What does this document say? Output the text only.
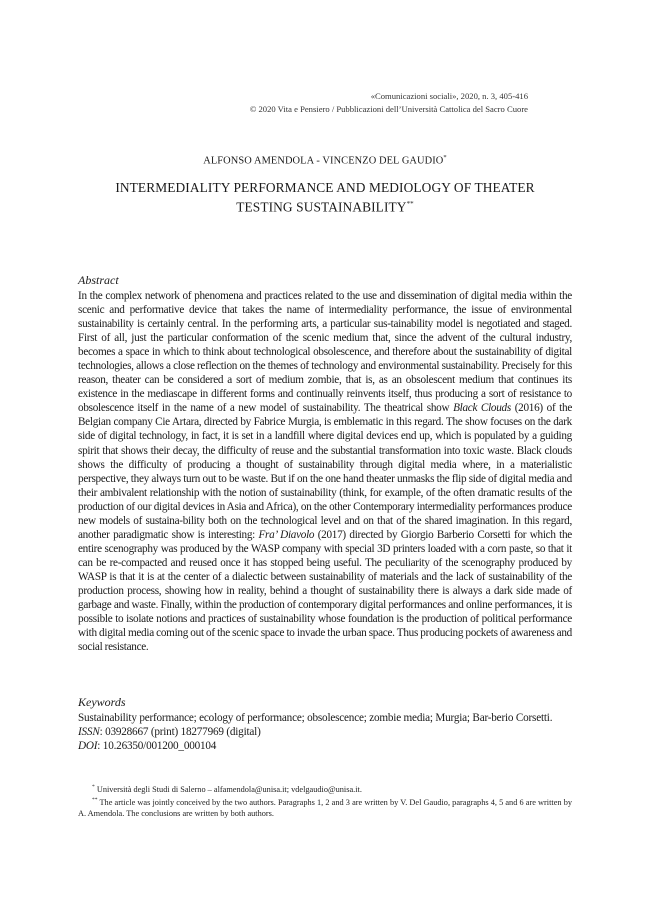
«Comunicazioni sociali», 2020, n. 3, 405-416
© 2020 Vita e Pensiero / Pubblicazioni dell’Università Cattolica del Sacro Cuore
ALFONSO AMENDOLA - VINCENZO DEL GAUDIO*
INTERMEDIALITY PERFORMANCE AND MEDIOLOGY OF THEATER
TESTING SUSTAINABILITY**
Abstract
In the complex network of phenomena and practices related to the use and dissemination of digital media within the scenic and performative device that takes the name of intermediality performance, the issue of environmental sustainability is certainly central. In the performing arts, a particular sus-tainability model is negotiated and staged. First of all, just the particular conformation of the scenic medium that, since the advent of the cultural industry, becomes a space in which to think about technological obsolescence, and therefore about the sustainability of digital technologies, allows a close reflection on the themes of technology and environmental sustainability. Precisely for this reason, theater can be considered a sort of medium zombie, that is, as an obsolescent medium that continues its existence in the mediascape in different forms and continually reinvents itself, thus producing a sort of resistance to obsolescence itself in the name of a new model of sustainability. The theatrical show Black Clouds (2016) of the Belgian company Cie Artara, directed by Fabrice Murgia, is emblematic in this regard. The show focuses on the dark side of digital technology, in fact, it is set in a landfill where digital devices end up, which is populated by a guiding spirit that shows their decay, the difficulty of reuse and the substantial transformation into toxic waste. Black clouds shows the difficulty of producing a thought of sustainability through digital media where, in a materialistic perspective, they always turn out to be waste. But if on the one hand theater unmasks the flip side of digital media and their ambivalent relationship with the notion of sustainability (think, for example, of the often dramatic results of the production of our digital devices in Asia and Africa), on the other Contemporary intermediality performances produce new models of sustaina-bility both on the technological level and on that of the shared imagination. In this regard, another paradigmatic show is interesting: Fra’ Diavolo (2017) directed by Giorgio Barberio Corsetti for which the entire scenography was produced by the WASP company with special 3D printers loaded with a corn paste, so that it can be re-compacted and reused once it has stopped being useful. The peculiarity of the scenography produced by WASP is that it is at the center of a dialectic between sustainability of materials and the lack of sustainability of the production process, showing how in reality, behind a thought of sustainability there is always a dark side made of garbage and waste. Finally, within the production of contemporary digital performances and online performances, it is possible to isolate notions and practices of sustainability whose foundation is the production of political performance with digital media coming out of the scenic space to invade the urban space. Thus producing pockets of awareness and social resistance.
Keywords
Sustainability performance; ecology of performance; obsolescence; zombie media; Murgia; Bar-berio Corsetti.
ISSN: 03928667 (print) 18277969 (digital)
DOI: 10.26350/001200_000104

* Università degli Studi di Salerno – alfamendola@unisa.it; vdelgaudio@unisa.it.

** The article was jointly conceived by the two authors. Paragraphs 1, 2 and 3 are written by V. Del Gaudio, paragraphs 4, 5 and 6 are written by A. Amendola. The conclusions are written by both authors.
